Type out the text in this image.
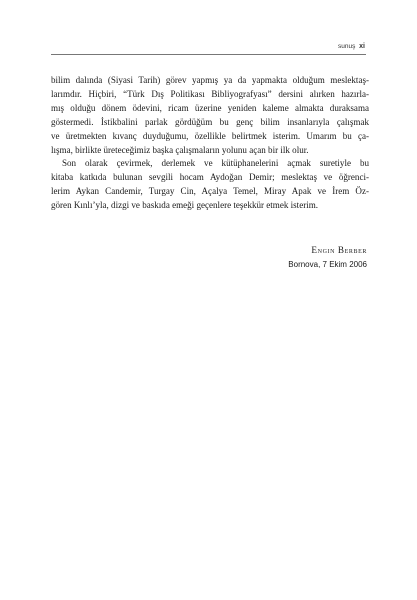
sunuş xi

bilim dalında (Siyasi Tarih) görev yapmış ya da yapmakta olduğum meslektaş-
larımdır. Hiçbiri, “Türk Dış Politikası Bibliyografyası” dersini alırken hazırla-
mış olduğu dönem ödevini, ricam üzerine yeniden kaleme almakta duraksama
göstermedi. İstikbalini parlak gördüğüm bu genç bilim insanlarıyla çalışmak
ve üretmekten kıvanç duyduğumu, özellikle belirtmek isterim. Umarım bu ça-
lışma, birlikte üreteceğimiz başka çalışmaların yolunu açan bir ilk olur.

Son olarak çevirmek, derlemek ve kütüphanelerini açmak suretiyle bu
kitaba katkıda bulunan sevgili hocam Aydoğan Demir; meslektaş ve öğrenci-
lerim Aykan Candemir, Turgay Cin, Açalya Temel, Miray Apak ve İrem Öz-
gören Kınlı’yla, dizgi ve baskıda emeği geçenlere teşekkür etmek isterim.

Engin Berber
Bornova, 7 Ekim 2006
